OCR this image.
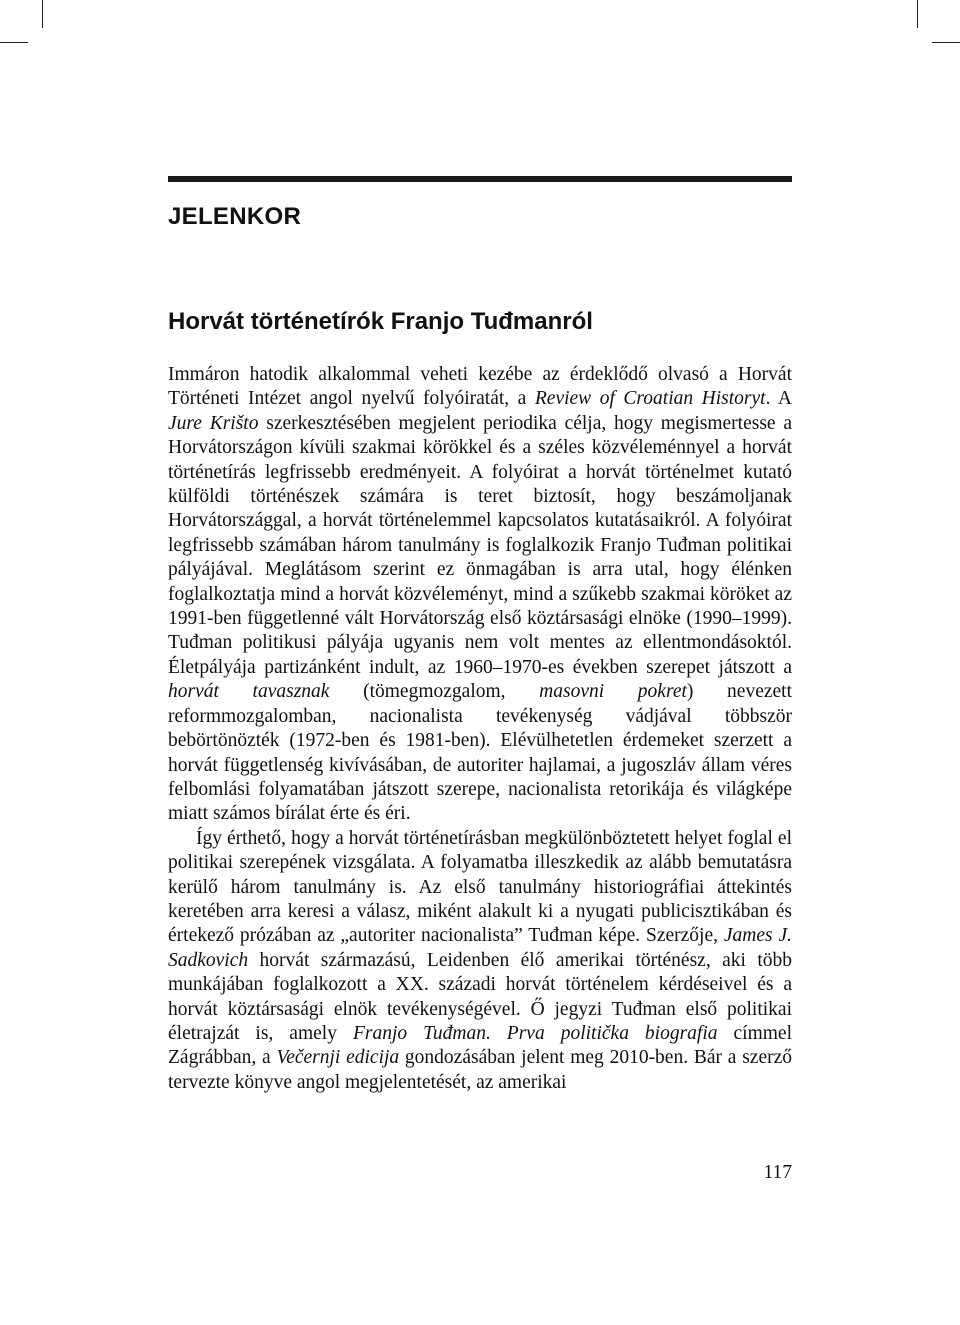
JELENKOR
Horvát történetírók Franjo Tuđmanról

Immáron hatodik alkalommal veheti kezébe az érdeklődő olvasó a Horvát Történeti Intézet angol nyelvű folyóiratát, a Review of Croatian Historyt. A Jure Krišto szerkesztésében megjelent periodika célja, hogy megismertesse a Horvátországon kívüli szakmai körökkel és a széles közvéleménnyel a horvát történetírás legfrissebb eredményeit. A folyóirat a horvát történelmet kutató külföldi történészek számára is teret biztosít, hogy beszámoljanak Horvátországgal, a horvát történelemmel kapcsolatos kutatásaikról. A folyóirat legfrissebb számában három tanulmány is foglalkozik Franjo Tuđman politikai pályájával. Meglátásom szerint ez önmagában is arra utal, hogy élénken foglalkoztatja mind a horvát közvéleményt, mind a szűkebb szakmai köröket az 1991-ben függetlenné vált Horvátország első köztársasági elnöke (1990–1999). Tuđman politikusi pályája ugyanis nem volt mentes az ellentmondásoktól. Életpályája partizánként indult, az 1960–1970-es években szerepet játszott a horvát tavasznak (tömegmozgalom, masovni pokret) nevezett reformmozgalomban, nacionalista tevékenység vádjával többször bebörtönözték (1972-ben és 1981-ben). Elévülhetetlen érdemeket szerzett a horvát függetlenség kivívásában, de autoriter hajlamai, a jugoszláv állam véres felbomlási folyamatában játszott szerepe, nacionalista retorikája és világképe miatt számos bírálat érte és éri.

Így érthető, hogy a horvát történetírásban megkülönböztetett helyet foglal el politikai szerepének vizsgálata. A folyamatba illeszkedik az alább bemutatásra kerülő három tanulmány is. Az első tanulmány historiográfiai áttekintés keretében arra keresi a válasz, miként alakult ki a nyugati publicisztikában és értekező prózában az „autoriter nacionalista” Tuđman képe. Szerzője, James J. Sadkovich horvát származású, Leidenben élő amerikai történész, aki több munkájában foglalkozott a XX. századi horvát történelem kérdéseivel és a horvát köztársasági elnök tevékenységével. Ő jegyzi Tuđman első politikai életrajzát is, amely Franjo Tuđman. Prva politička biografia címmel Zágrábban, a Večernji edicija gondozásában jelent meg 2010-ben. Bár a szerző tervezte könyve angol megjelentetését, az amerikai

117
